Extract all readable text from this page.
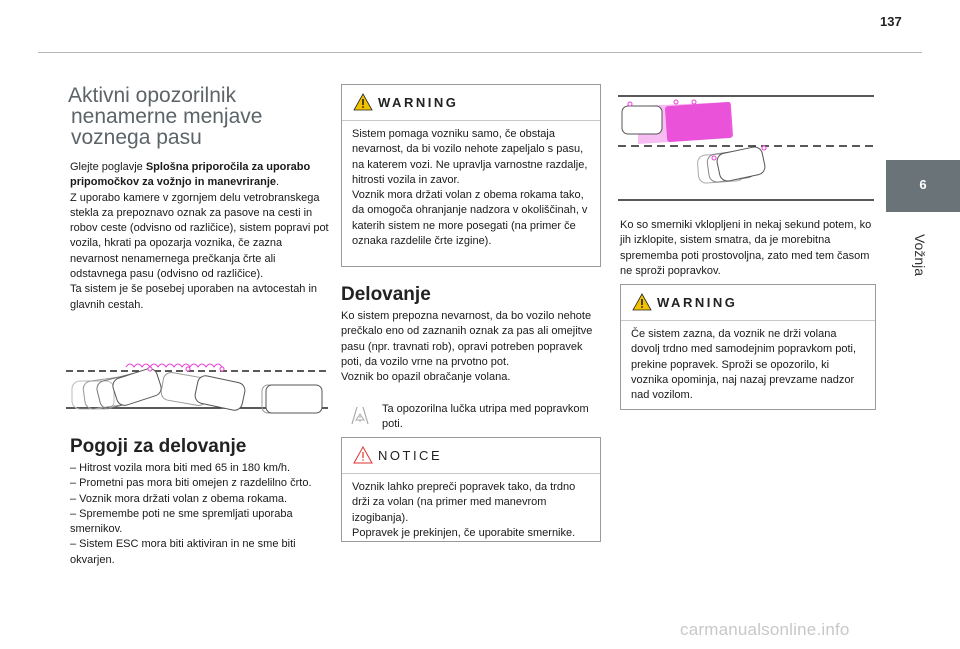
137
6
Vožnja
Aktivni opozorilnik
nenamerne menjave
voznega pasu

Glejte poglavje Splošna priporočila za uporabo pripomočkov za vožnjo in manevriranje.

Z uporabo kamere v zgornjem delu vetrobranskega stekla za prepoznavo oznak za pasove na cesti in robov ceste (odvisno od različice), sistem popravi pot vozila, hkrati pa opozarja voznika, če zazna nevarnost nenamernega prečkanja črte ali odstavnega pasu (odvisno od različice).

Ta sistem je še posebej uporaben na avtocestah in glavnih cestah.

Pogoji za delovanje
– Hitrost vozila mora biti med 65 in 180 km/h.
– Prometni pas mora biti omejen z razdelilno črto.
– Voznik mora držati volan z obema rokama.
– Spremembe poti ne sme spremljati uporaba smernikov.
– Sistem ESC mora biti aktiviran in ne sme biti okvarjen.
WARNING

Sistem pomaga vozniku samo, če obstaja nevarnost, da bi vozilo nehote zapeljalo s pasu, na katerem vozi. Ne upravlja varnostne razdalje, hitrosti vozila in zavor.

Voznik mora držati volan z obema rokama tako, da omogoča ohranjanje nadzora v okoliščinah, v katerih sistem ne more posegati (na primer če oznaka razdelile črte izgine).

Delovanje

Ko sistem prepozna nevarnost, da bo vozilo nehote prečkalo eno od zaznanih oznak za pas ali omejitve pasu (npr. travnati rob), opravi potreben popravek poti, da vozilo vrne na prvotno pot.

Voznik bo opazil obračanje volana.

Ta opozorilna lučka utripa med popravkom poti.
NOTICE

Voznik lahko prepreči popravek tako, da trdno drži za volan (na primer med manevrom izogibanja).

Popravek je prekinjen, če uporabite smernike.

Ko so smerniki vklopljeni in nekaj sekund potem, ko jih izklopite, sistem smatra, da je morebitna sprememba poti prostovoljna, zato med tem časom ne sproži popravkov.

WARNING

Če sistem zazna, da voznik ne drži volana dovolj trdno med samodejnim popravkom poti, prekine popravek. Sproži se opozorilo, ki voznika opominja, naj nazaj prevzame nadzor nad vozilom.

carmanualsonline.info
